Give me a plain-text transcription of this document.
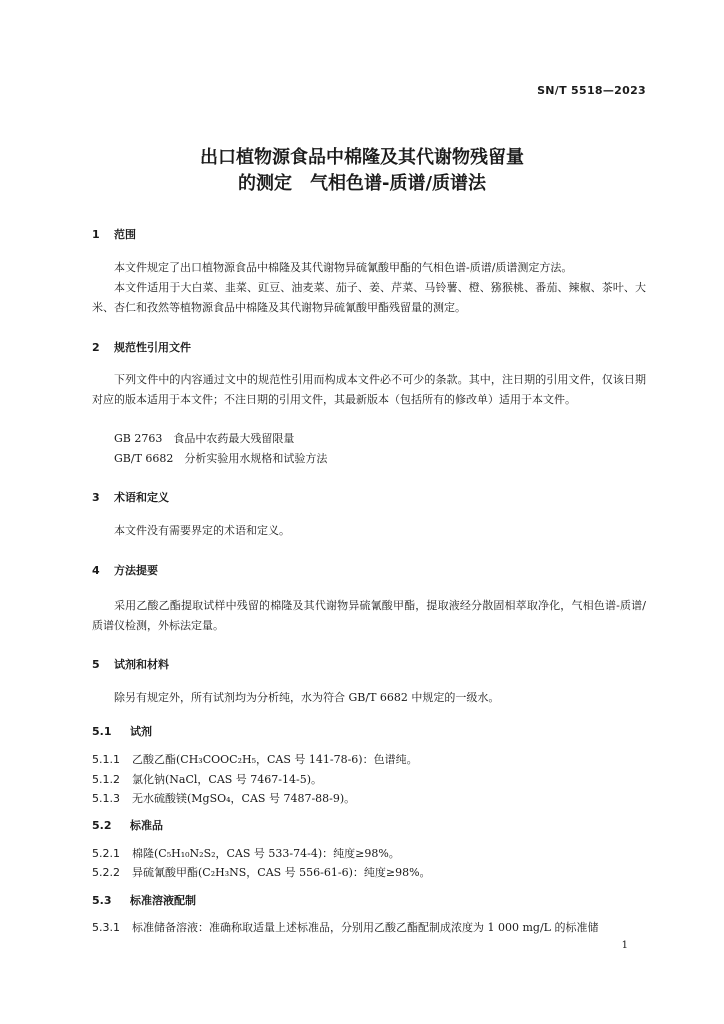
SN/T 5518—2023
出口植物源食品中棉隆及其代谢物残留量
的测定　气相色谱-质谱/质谱法
1 范围
本文件规定了出口植物源食品中棉隆及其代谢物异硫氰酸甲酯的气相色谱-质谱/质谱测定方法。
本文件适用于大白菜、韭菜、豇豆、油麦菜、茄子、姜、芹菜、马铃薯、橙、猕猴桃、番茄、辣椒、茶叶、大米、杏仁和孜然等植物源食品中棉隆及其代谢物异硫氰酸甲酯残留量的测定。
2 规范性引用文件
下列文件中的内容通过文中的规范性引用而构成本文件必不可少的条款。其中，注日期的引用文件，仅该日期对应的版本适用于本文件；不注日期的引用文件，其最新版本（包括所有的修改单）适用于本文件。
GB 2763　食品中农药最大残留限量
GB/T 6682　分析实验用水规格和试验方法
3 术语和定义
本文件没有需要界定的术语和定义。
4 方法提要
采用乙酸乙酯提取试样中残留的棉隆及其代谢物异硫氰酸甲酯，提取液经分散固相萃取净化，气相色谱-质谱/质谱仪检测，外标法定量。
5 试剂和材料
除另有规定外，所有试剂均为分析纯，水为符合 GB/T 6682 中规定的一级水。
5.1 试剂
5.1.1 乙酸乙酯(CH₃COOC₂H₅，CAS 号 141-78-6)：色谱纯。
5.1.2 氯化钠(NaCl，CAS 号 7467-14-5)。
5.1.3 无水硫酸镁(MgSO₄，CAS 号 7487-88-9)。
5.2 标准品
5.2.1 棉隆(C₅H₁₀N₂S₂，CAS 号 533-74-4)：纯度≥98%。
5.2.2 异硫氰酸甲酯(C₂H₃NS，CAS 号 556-61-6)：纯度≥98%。
5.3 标准溶液配制
5.3.1 标准储备溶液：准确称取适量上述标准品，分别用乙酸乙酯配制成浓度为 1 000 mg/L 的标准储
1
